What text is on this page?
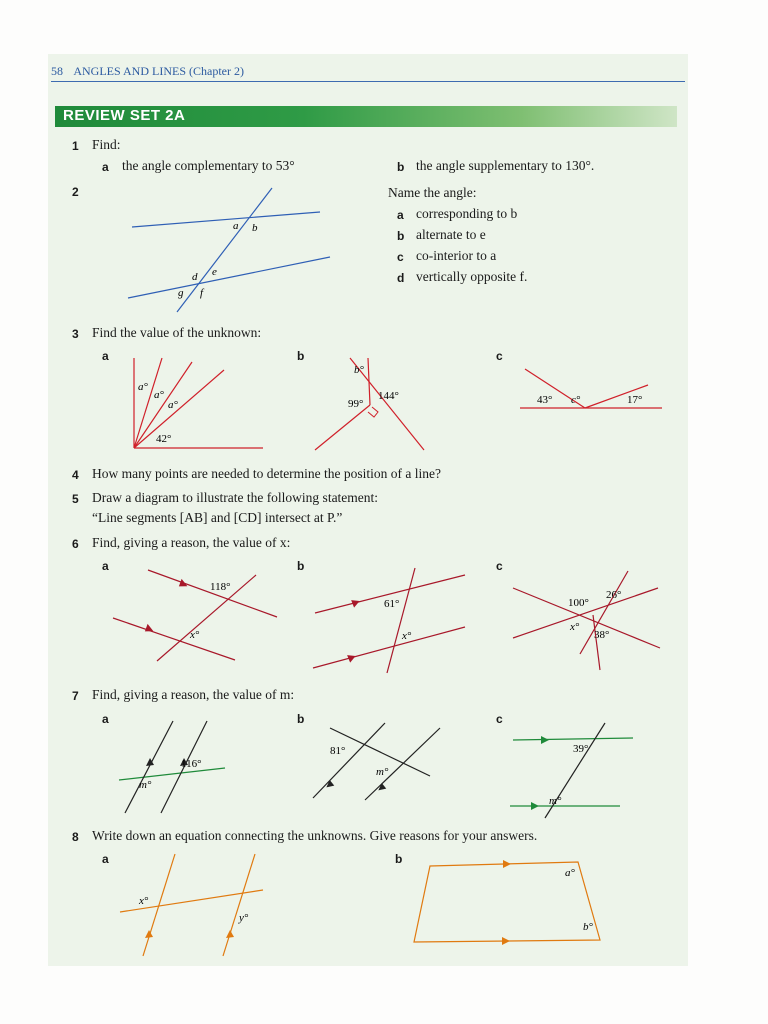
58 ANGLES AND LINES (Chapter 2)
REVIEW SET 2A
1 Find:
a the angle complementary to 53°	b the angle supplementary to 130°.
2	Name the angle:
a corresponding to b
b alternate to e
c co-interior to a
d vertically opposite f.
a b
d e
g f
3 Find the value of the unknown:
a	b	c
a°
a°
a°
42°
b°
144°
99°	43° c°	17°
4 How many points are needed to determine the position of a line?
5 Draw a diagram to illustrate the following statement:
“Line segments [AB] and [CD] intersect at P.”
6 Find, giving a reason, the value of x:
a	b	c
118°
x°
61°
x°
100°
26°
x°
38°
7 Find, giving a reason, the value of m:
a	b	c
116°
m°
81°
m°
39°
m°
8 Write down an equation connecting the unknowns. Give reasons for your answers.
a	b
x°
y°
a°
b°
